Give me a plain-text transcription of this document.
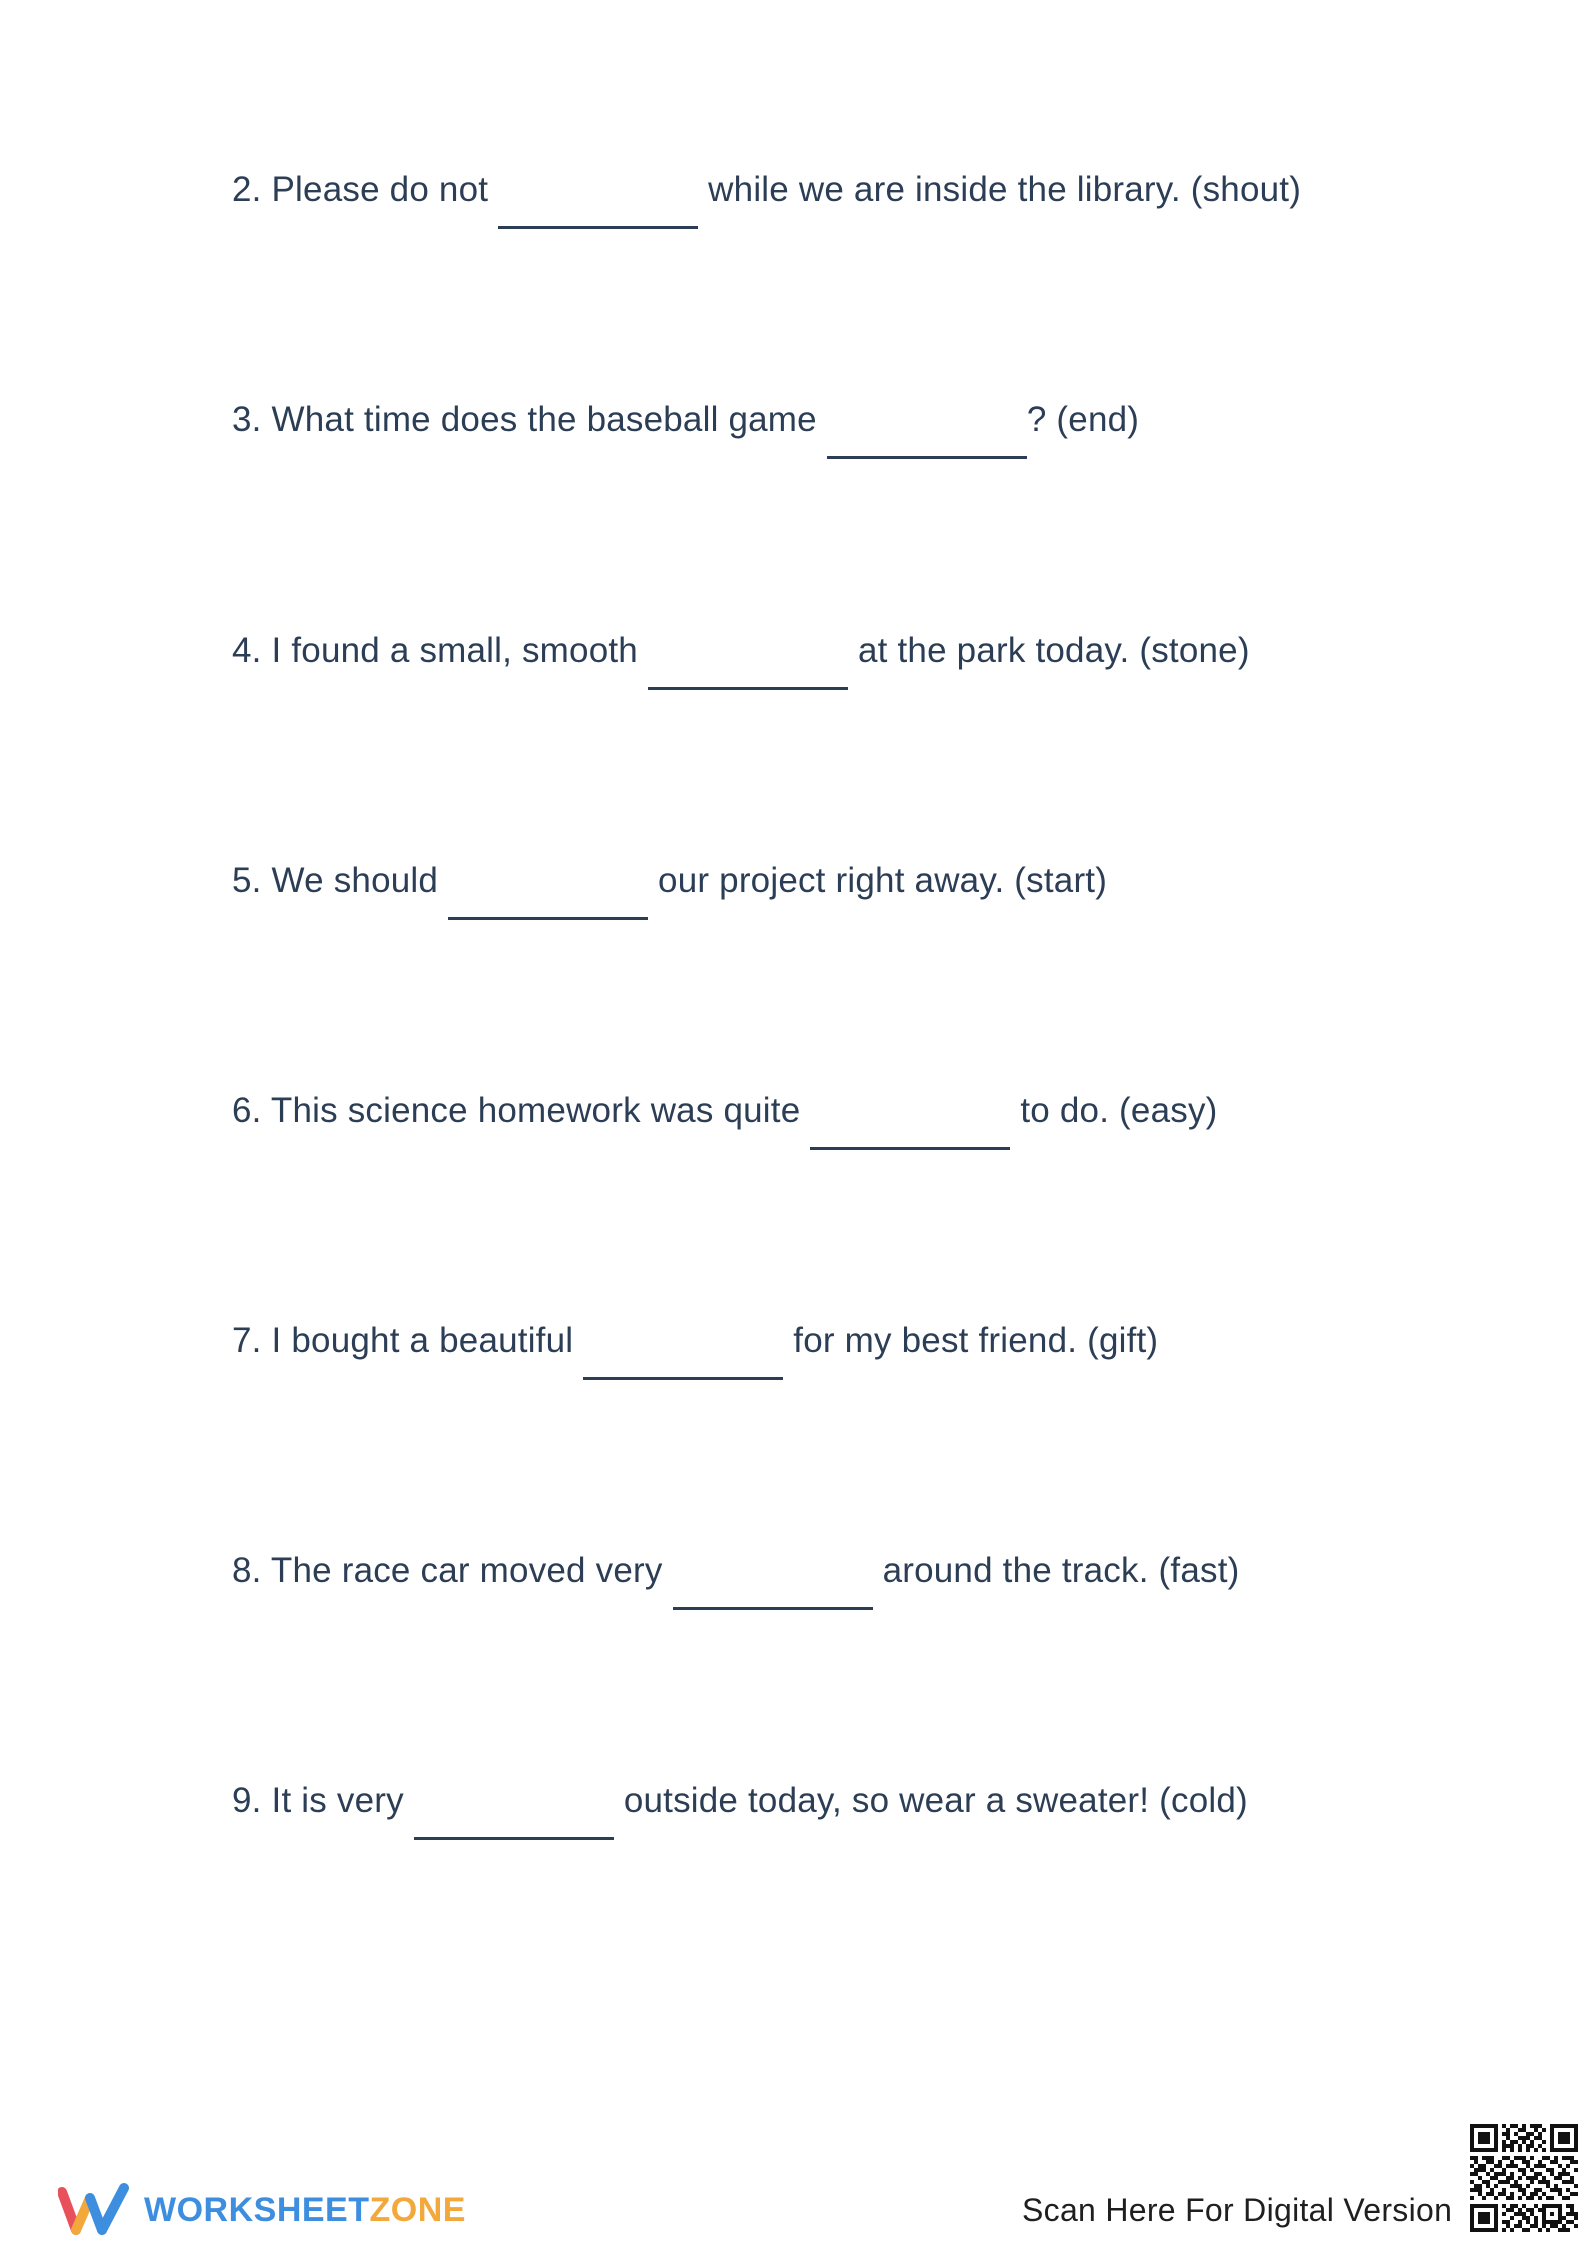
2. Please do not	while we are inside the library. (shout)
3. What time does the baseball game	? (end)
4. I found a small, smooth	at the park today. (stone)
5. We should	our project right away. (start)
6. This science homework was quite	to do. (easy)
7. I bought a beautiful	for my best friend. (gift)
8. The race car moved very	around the track. (fast)
9. It is very	outside today, so wear a sweater! (cold)
WORKSHEETZONE	Scan Here For Digital Version
